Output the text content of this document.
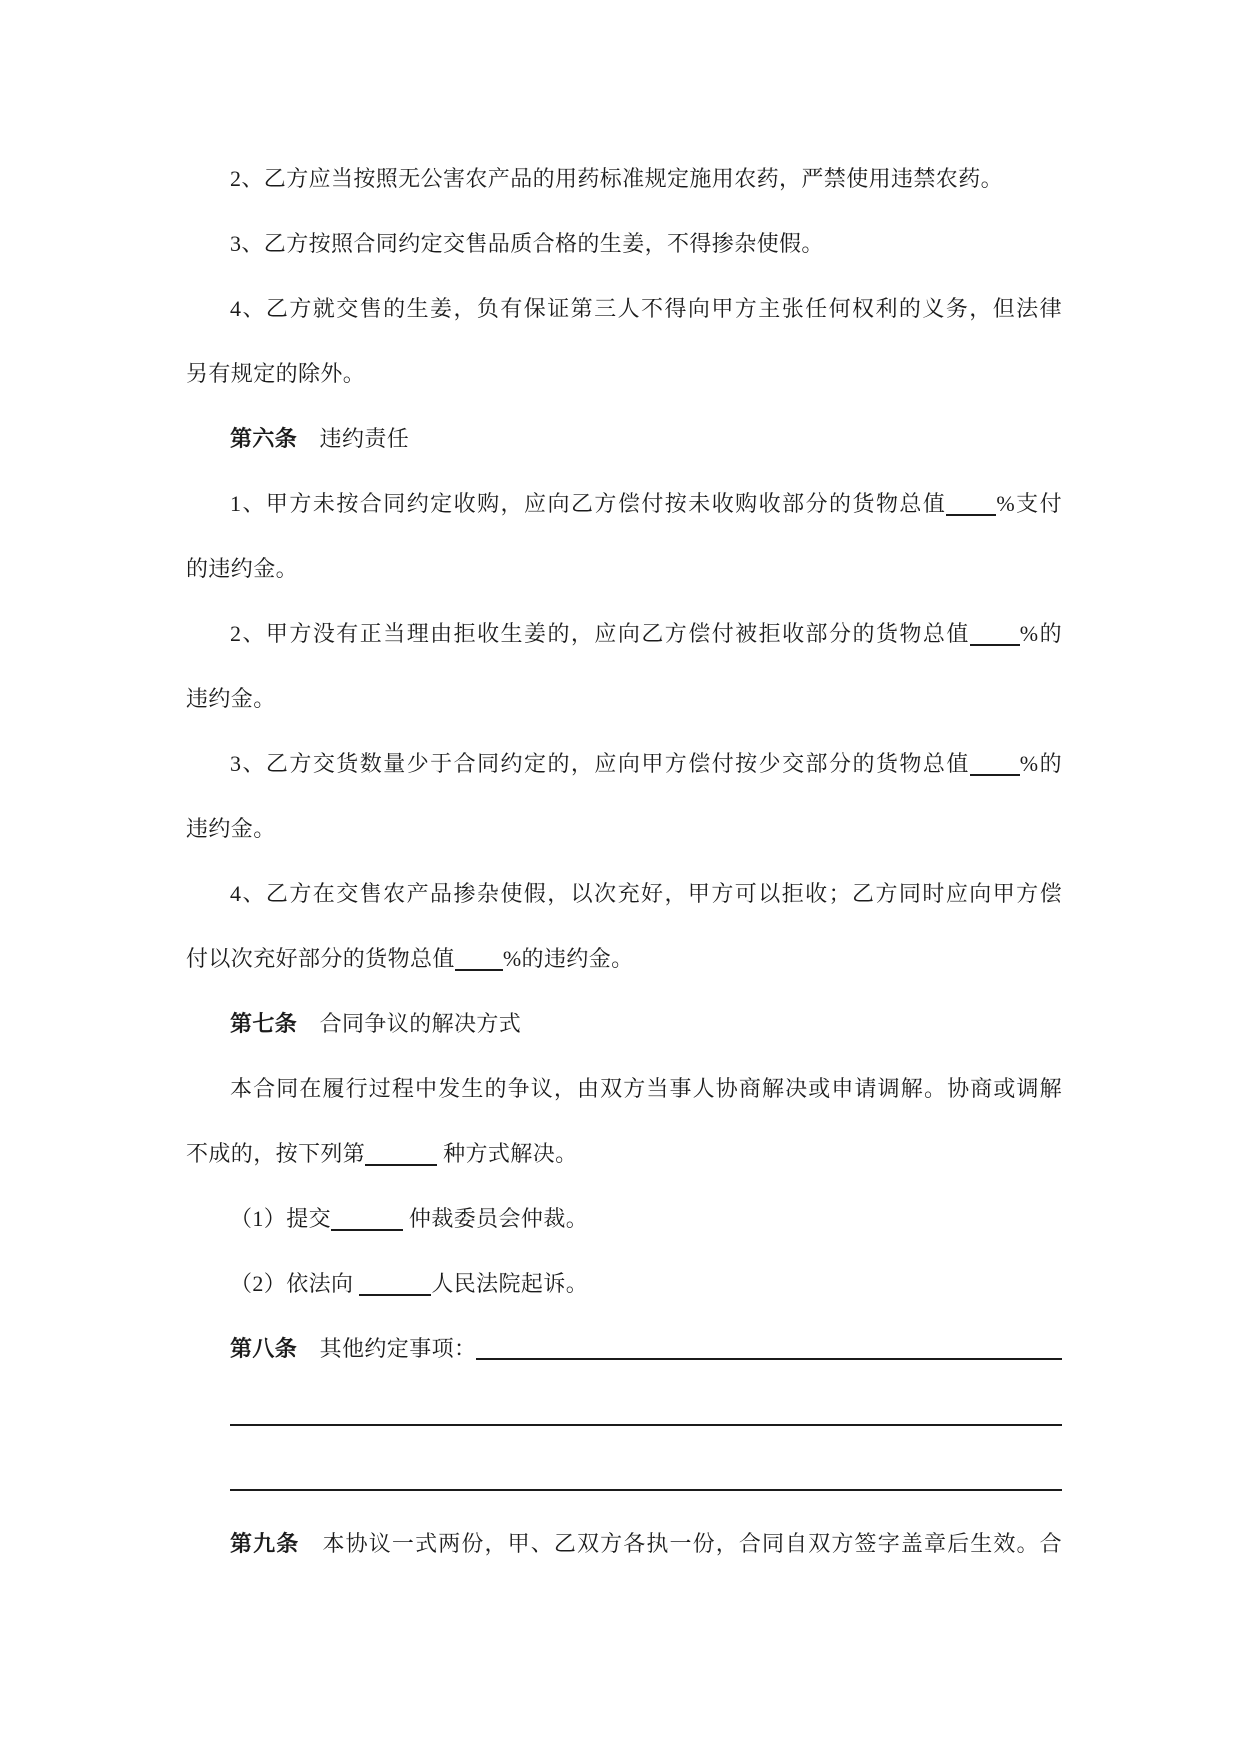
2、乙方应当按照无公害农产品的用药标准规定施用农药，严禁使用违禁农药。
3、乙方按照合同约定交售品质合格的生姜，不得掺杂使假。
4、乙方就交售的生姜，负有保证第三人不得向甲方主张任何权利的义务，但法律
另有规定的除外。
第六条　违约责任
1、甲方未按合同约定收购，应向乙方偿付按未收购收部分的货物总值 %支付
的违约金。
2、甲方没有正当理由拒收生姜的，应向乙方偿付被拒收部分的货物总值 %的
违约金。
3、乙方交货数量少于合同约定的，应向甲方偿付按少交部分的货物总值 %的
违约金。
4、乙方在交售农产品掺杂使假，以次充好，甲方可以拒收；乙方同时应向甲方偿
付以次充好部分的货物总值 %的违约金。
第七条　合同争议的解决方式
本合同在履行过程中发生的争议，由双方当事人协商解决或申请调解。协商或调解
不成的，按下列第	种方式解决。
（1）提交	仲裁委员会仲裁。
（2）依法向	人民法院起诉。
第八条 　其他约定事项：
第九条　本协议一式两份，甲、乙双方各执一份，合同自双方签字盖章后生效。合
